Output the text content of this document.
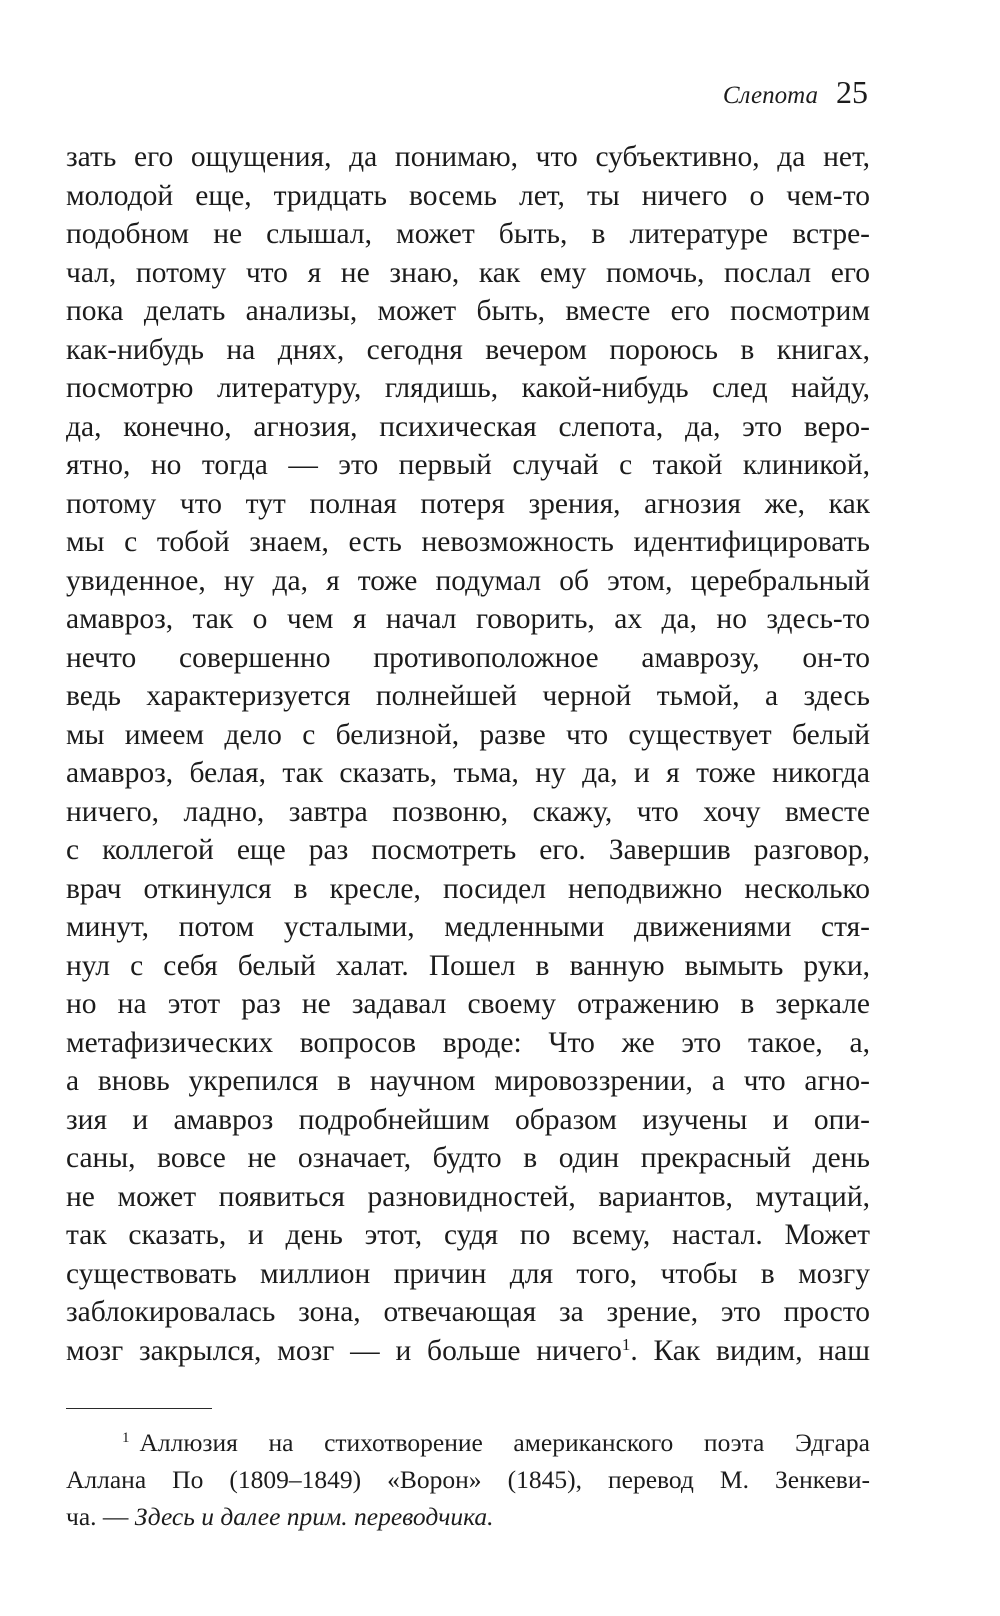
Слепота 25
зать его ощущения, да понимаю, что субъективно, да нет,
молодой еще, тридцать восемь лет, ты ничего о чем-то
подобном не слышал, может быть, в литературе встре-
чал, потому что я не знаю, как ему помочь, послал его
пока делать анализы, может быть, вместе его посмотрим
как-нибудь на днях, сегодня вечером пороюсь в книгах,
посмотрю литературу, глядишь, какой-нибудь след найду,
да, конечно, агнозия, психическая слепота, да, это веро-
ятно, но тогда — это первый случай с такой клиникой,
потому что тут полная потеря зрения, агнозия же, как
мы с тобой знаем, есть невозможность идентифицировать
увиденное, ну да, я тоже подумал об этом, церебральный
амавроз, так о чем я начал говорить, ах да, но здесь-то
нечто совершенно противоположное амаврозу, он-то
ведь характеризуется полнейшей черной тьмой, а здесь
мы имеем дело с белизной, разве что существует белый
амавроз, белая, так сказать, тьма, ну да, и я тоже никогда
ничего, ладно, завтра позвоню, скажу, что хочу вместе
с коллегой еще раз посмотреть его. Завершив разговор,
врач откинулся в кресле, посидел неподвижно несколько
минут, потом усталыми, медленными движениями стя-
нул с себя белый халат. Пошел в ванную вымыть руки,
но на этот раз не задавал своему отражению в зеркале
метафизических вопросов вроде: Что же это такое, а,
а вновь укрепился в научном мировоззрении, а что агно-
зия и амавроз подробнейшим образом изучены и опи-
саны, вовсе не означает, будто в один прекрасный день
не может появиться разновидностей, вариантов, мутаций,
так сказать, и день этот, судя по всему, настал. Может
существовать миллион причин для того, чтобы в мозгу
заблокировалась зона, отвечающая за зрение, это просто
мозг закрылся, мозг — и больше ничего$^1$. Как видим, наш
$^1$ Аллюзия на стихотворение американского поэта Эдгара
Аллана По (1809–1849) «Ворон» (1845), перевод М. Зенкеви-
ча. — Здесь и далее прим. переводчика.
